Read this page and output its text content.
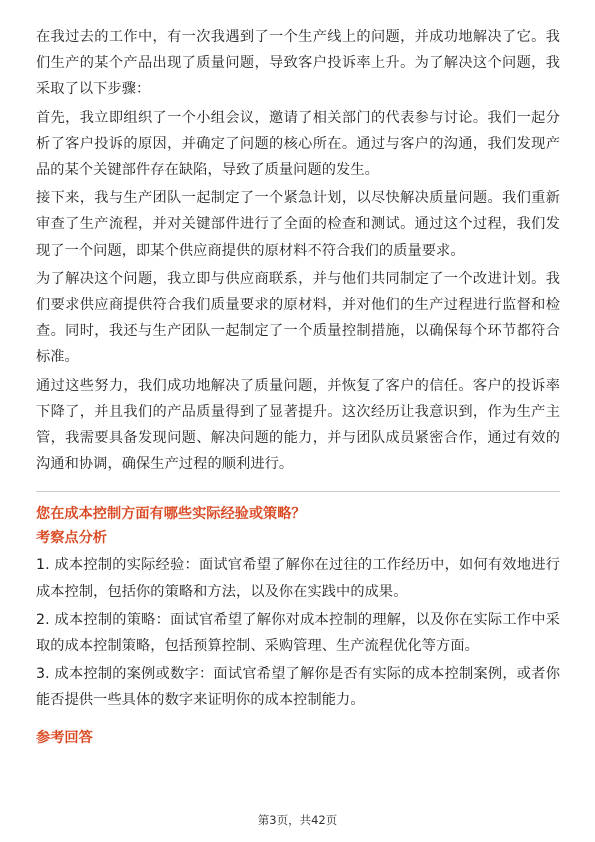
在我过去的工作中，有一次我遇到了一个生产线上的问题，并成功地解决了它。我们生产的某个产品出现了质量问题，导致客户投诉率上升。为了解决这个问题，我采取了以下步骤：

首先，我立即组织了一个小组会议，邀请了相关部门的代表参与讨论。我们一起分析了客户投诉的原因，并确定了问题的核心所在。通过与客户的沟通，我们发现产品的某个关键部件存在缺陷，导致了质量问题的发生。

接下来，我与生产团队一起制定了一个紧急计划，以尽快解决质量问题。我们重新审查了生产流程，并对关键部件进行了全面的检查和测试。通过这个过程，我们发现了一个问题，即某个供应商提供的原材料不符合我们的质量要求。

为了解决这个问题，我立即与供应商联系，并与他们共同制定了一个改进计划。我们要求供应商提供符合我们质量要求的原材料，并对他们的生产过程进行监督和检查。同时，我还与生产团队一起制定了一个质量控制措施，以确保每个环节都符合标准。

通过这些努力，我们成功地解决了质量问题，并恢复了客户的信任。客户的投诉率下降了，并且我们的产品质量得到了显著提升。这次经历让我意识到，作为生产主管，我需要具备发现问题、解决问题的能力，并与团队成员紧密合作，通过有效的沟通和协调，确保生产过程的顺利进行。

您在成本控制方面有哪些实际经验或策略？
考察点分析

1. 成本控制的实际经验：面试官希望了解你在过往的工作经历中，如何有效地进行成本控制，包括你的策略和方法，以及你在实践中的成果。

2. 成本控制的策略：面试官希望了解你对成本控制的理解，以及你在实际工作中采取的成本控制策略，包括预算控制、采购管理、生产流程优化等方面。

3. 成本控制的案例或数字：面试官希望了解你是否有实际的成本控制案例，或者你能否提供一些具体的数字来证明你的成本控制能力。

参考回答
第3页，共42页
